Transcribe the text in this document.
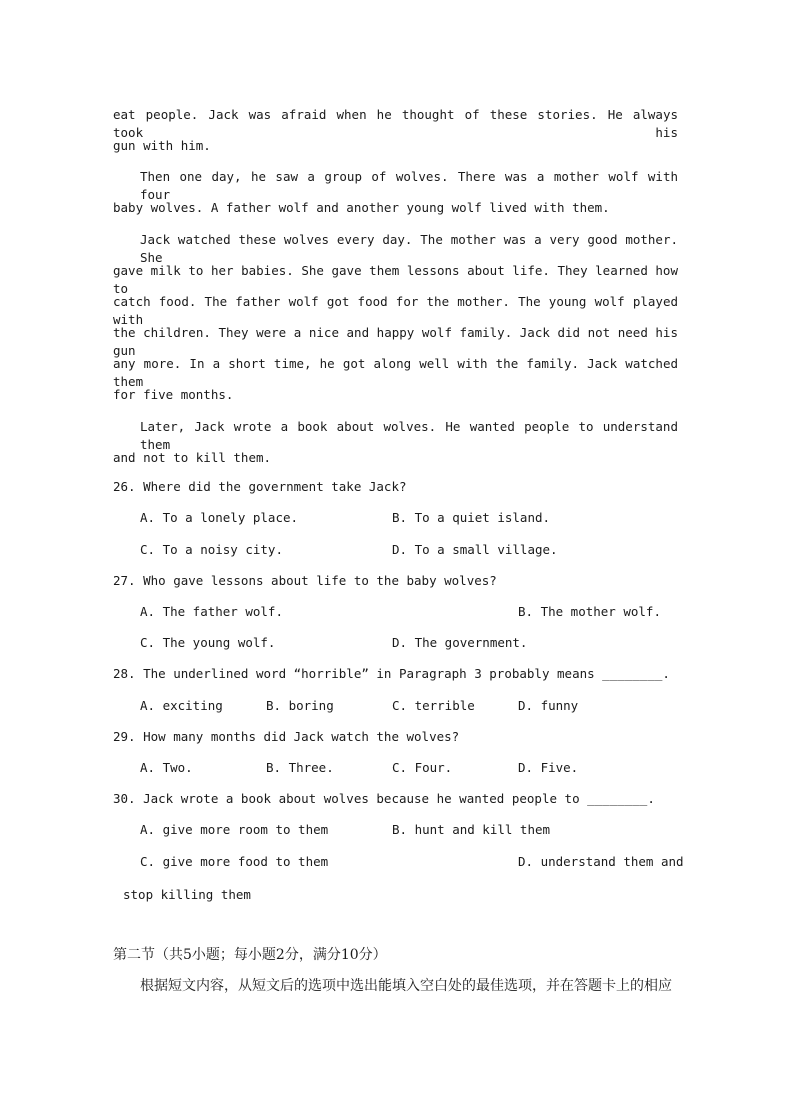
eat people. Jack was afraid when he thought of these stories. He always took his
gun with him.
Then one day, he saw a group of wolves. There was a mother wolf with four
baby wolves. A father wolf and another young wolf lived with them.
Jack watched these wolves every day. The mother was a very good mother. She
gave milk to her babies. She gave them lessons about life. They learned how to
catch food. The father wolf got food for the mother. The young wolf played with
the children. They were a nice and happy wolf family. Jack did not need his gun
any more. In a short time, he got along well with the family. Jack watched them
for five months.
Later, Jack wrote a book about wolves. He wanted people to understand them
and not to kill them.
26. Where did the government take Jack?
A. To a lonely place.	B. To a quiet island.
C. To a noisy city.	D. To a small village.
27. Who gave lessons about life to the baby wolves?
A. The father wolf.	B. The mother wolf.
C. The young wolf.	D. The government.
28. The underlined word “horrible” in Paragraph 3 probably means ________.
A. exciting	B. boring	C. terrible	D. funny
29. How many months did Jack watch the wolves?
A. Two.	B. Three.	C. Four.	D. Five.
30. Jack wrote a book about wolves because he wanted people to ________.
A. give more room to them	B. hunt and kill them
C. give more food to them	D. understand them and
stop killing them
第二节（共5小题；每小题2分，满分10分）
根据短文内容，从短文后的选项中选出能填入空白处的最佳选项，并在答题卡上的相应
